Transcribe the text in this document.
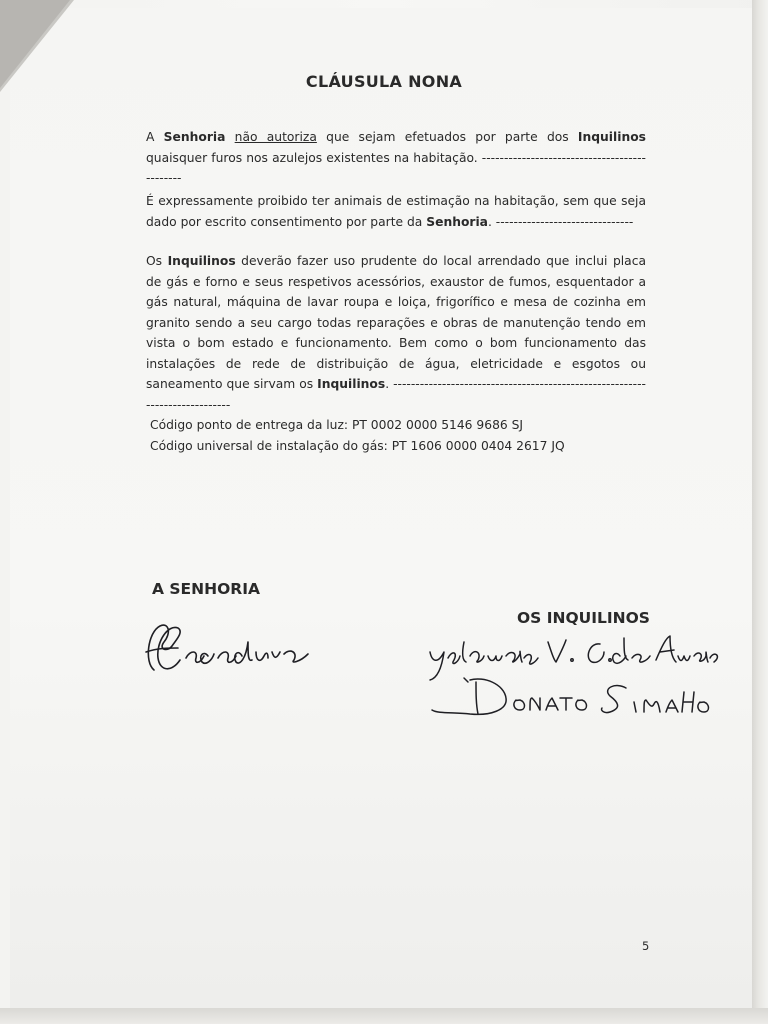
CLÁUSULA NONA
A Senhoria não autoriza que sejam efetuados por parte dos Inquilinos quaisquer furos nos azulejos existentes na habitação. ---------------------------------------------
É expressamente proibido ter animais de estimação na habitação, sem que seja dado por escrito consentimento por parte da Senhoria. -------------------------------
Os Inquilinos deverão fazer uso prudente do local arrendado que inclui placa de gás e forno e seus respetivos acessórios, exaustor de fumos, esquentador a gás natural, máquina de lavar roupa e loiça, frigorífico e mesa de cozinha em granito sendo a seu cargo todas reparações e obras de manutenção tendo em vista o bom estado e funcionamento. Bem como o bom funcionamento das instalações de rede de distribuição de água, eletricidade e esgotos ou saneamento que sirvam os Inquilinos. ----------------------------------------------------------------------------
Código ponto de entrega da luz: PT 0002 0000 5146 9686 SJ
Código universal de instalação do gás: PT 1606 0000 0404 2617 JQ
A SENHORIA
OS INQUILINOS
5
